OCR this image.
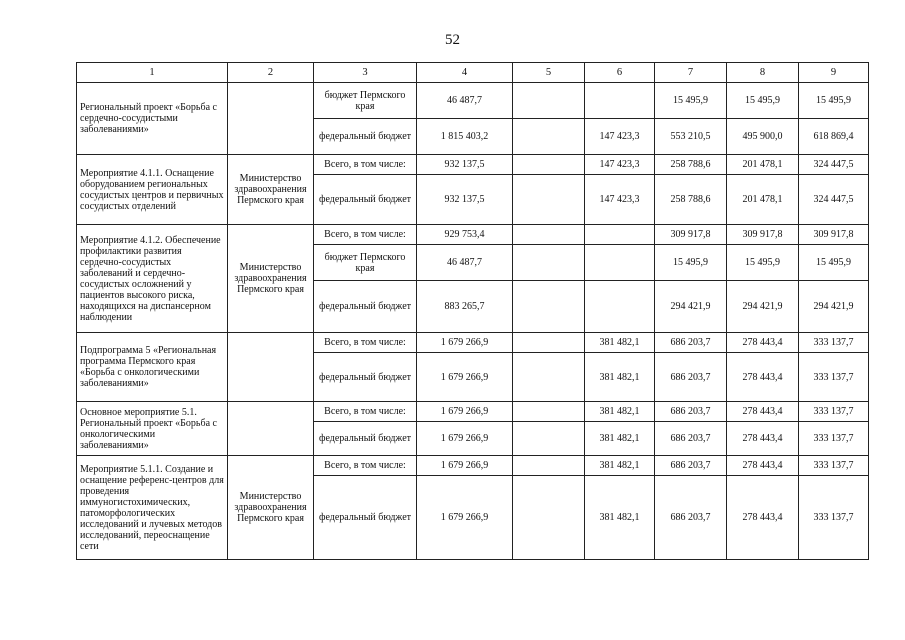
52
1	2	3	4	5	6	7	8	9
Региональный проект «Борьба с сердечно-сосудистыми заболеваниями»		бюджет Пермского края	46 487,7			15 495,9	15 495,9	15 495,9
		федеральный бюджет	1 815 403,2		147 423,3	553 210,5	495 900,0	618 869,4
Мероприятие 4.1.1. Оснащение оборудованием региональных сосудистых центров и первичных сосудистых отделений	Министерство здравоохранения Пермского края	Всего, в том числе:	932 137,5		147 423,3	258 788,6	201 478,1	324 447,5
		федеральный бюджет	932 137,5		147 423,3	258 788,6	201 478,1	324 447,5
Мероприятие 4.1.2. Обеспечение профилактики развития сердечно-сосудистых заболеваний и сердечно-сосудистых осложнений у пациентов высокого риска, находящихся на диспансерном наблюдении	Министерство здравоохранения Пермского края	Всего, в том числе:	929 753,4			309 917,8	309 917,8	309 917,8
		бюджет Пермского края	46 487,7			15 495,9	15 495,9	15 495,9
		федеральный бюджет	883 265,7			294 421,9	294 421,9	294 421,9
Подпрограмма 5 «Региональная программа Пермского края «Борьба с онкологическими заболеваниями»		Всего, в том числе:	1 679 266,9		381 482,1	686 203,7	278 443,4	333 137,7
		федеральный бюджет	1 679 266,9		381 482,1	686 203,7	278 443,4	333 137,7
Основное мероприятие 5.1. Региональный проект «Борьба с онкологическими заболеваниями»		Всего, в том числе:	1 679 266,9		381 482,1	686 203,7	278 443,4	333 137,7
		федеральный бюджет	1 679 266,9		381 482,1	686 203,7	278 443,4	333 137,7
Мероприятие 5.1.1. Создание и оснащение референс-центров для проведения иммуногистохимических, патоморфологических исследований и лучевых методов исследований, переоснащение сети	Министерство здравоохранения Пермского края	Всего, в том числе:	1 679 266,9		381 482,1	686 203,7	278 443,4	333 137,7
		федеральный бюджет	1 679 266,9		381 482,1	686 203,7	278 443,4	333 137,7
